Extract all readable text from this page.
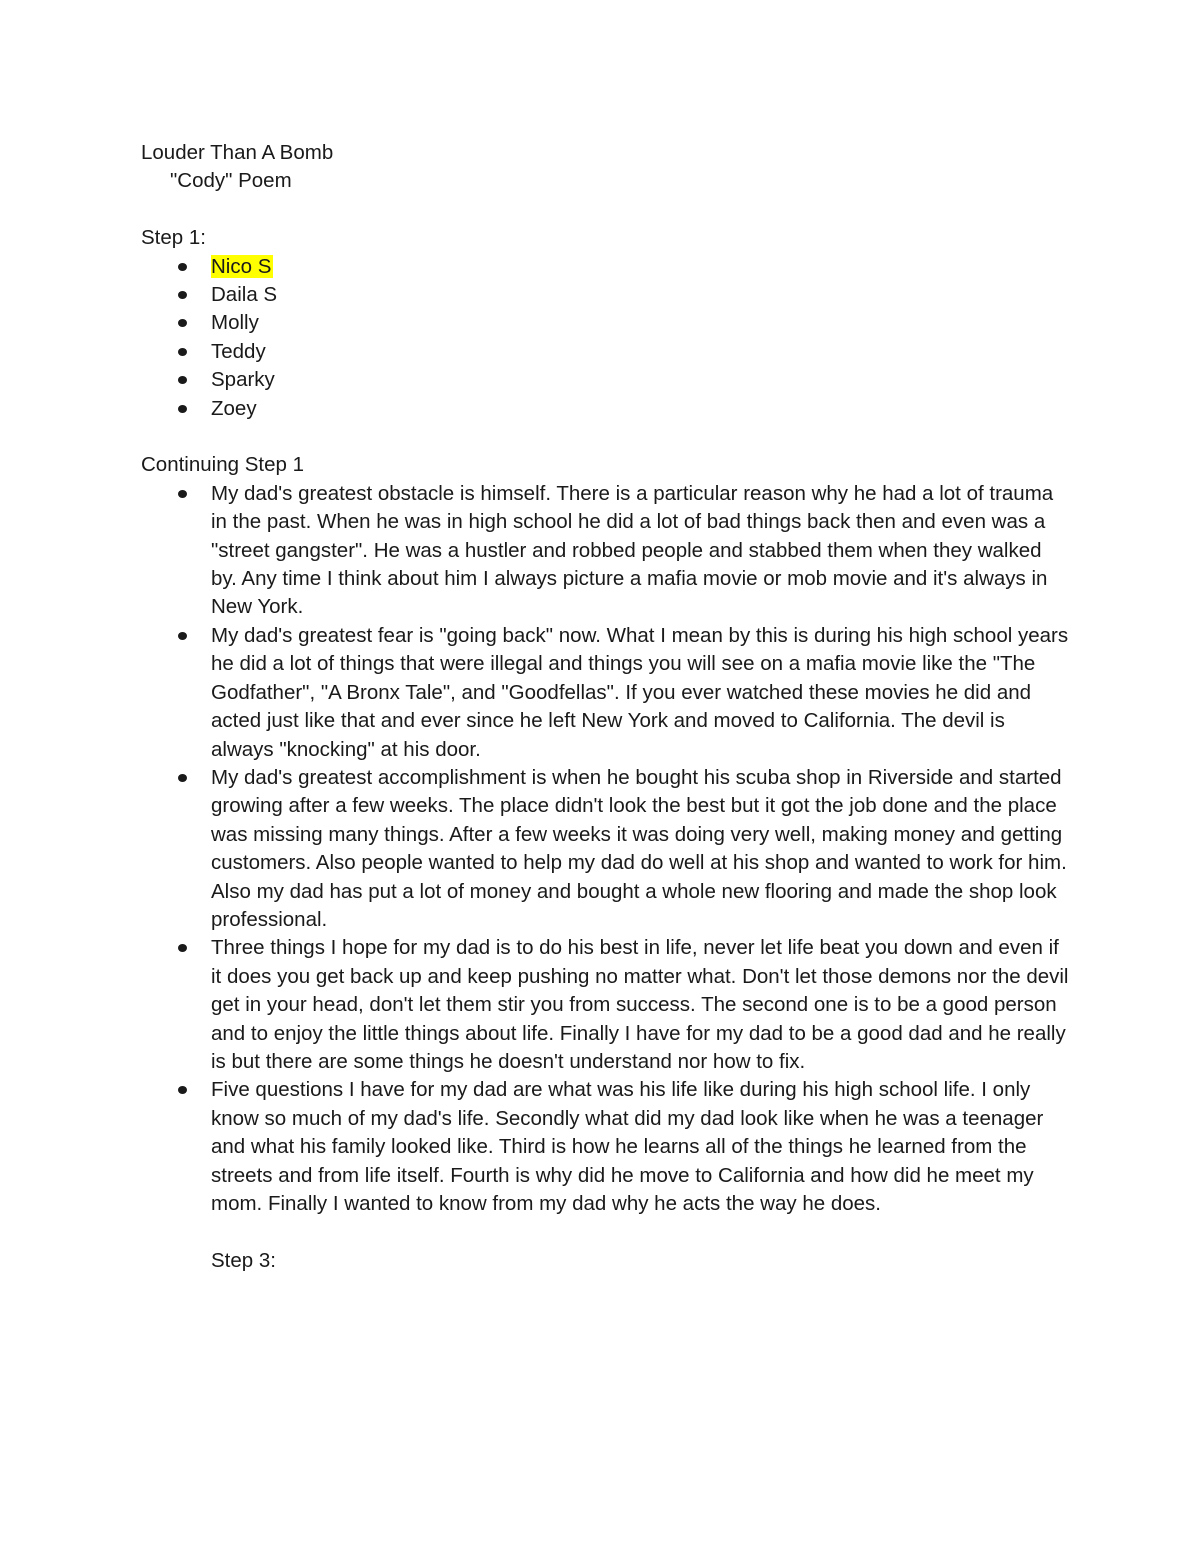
Louder Than A Bomb
"Cody" Poem
Step 1:
Nico S
Daila S
Molly
Teddy
Sparky
Zoey
Continuing Step 1
My dad's greatest obstacle is himself. There is a particular reason why he had a lot of trauma in the past. When he was in high school he did a lot of bad things back then and even was a "street gangster". He was a hustler and robbed people and stabbed them when they walked by. Any time I think about him I always picture a mafia movie or mob movie and it's always in New York.
My dad's greatest fear is "going back" now. What I mean by this is during his high school years he did a lot of things that were illegal and things you will see on a mafia movie like the "The Godfather", "A Bronx Tale", and "Goodfellas". If you ever watched these movies he did and acted just like that and ever since he left New York and moved to California. The devil is always "knocking" at his door.
My dad's greatest accomplishment is when he bought his scuba shop in Riverside and started growing after a few weeks. The place didn't look the best but it got the job done and the place was missing many things. After a few weeks it was doing very well, making money and getting customers. Also people wanted to help my dad do well at his shop and wanted to work for him. Also my dad has put a lot of money and bought a whole new flooring and made the shop look professional.
Three things I hope for my dad is to do his best in life, never let life beat you down and even if it does you get back up and keep pushing no matter what. Don't let those demons nor the devil get in your head, don't let them stir you from success. The second one is to be a good person and to enjoy the little things about life. Finally I have for my dad to be a good dad and he really is but there are some things he doesn't understand nor how to fix.
Five questions I have for my dad are what was his life like during his high school life. I only know so much of my dad's life. Secondly what did my dad look like when he was a teenager and what his family looked like. Third is how he learns all of the things he learned from the streets and from life itself. Fourth is why did he move to California and how did he meet my mom. Finally I wanted to know from my dad why he acts the way he does.
Step 3:
